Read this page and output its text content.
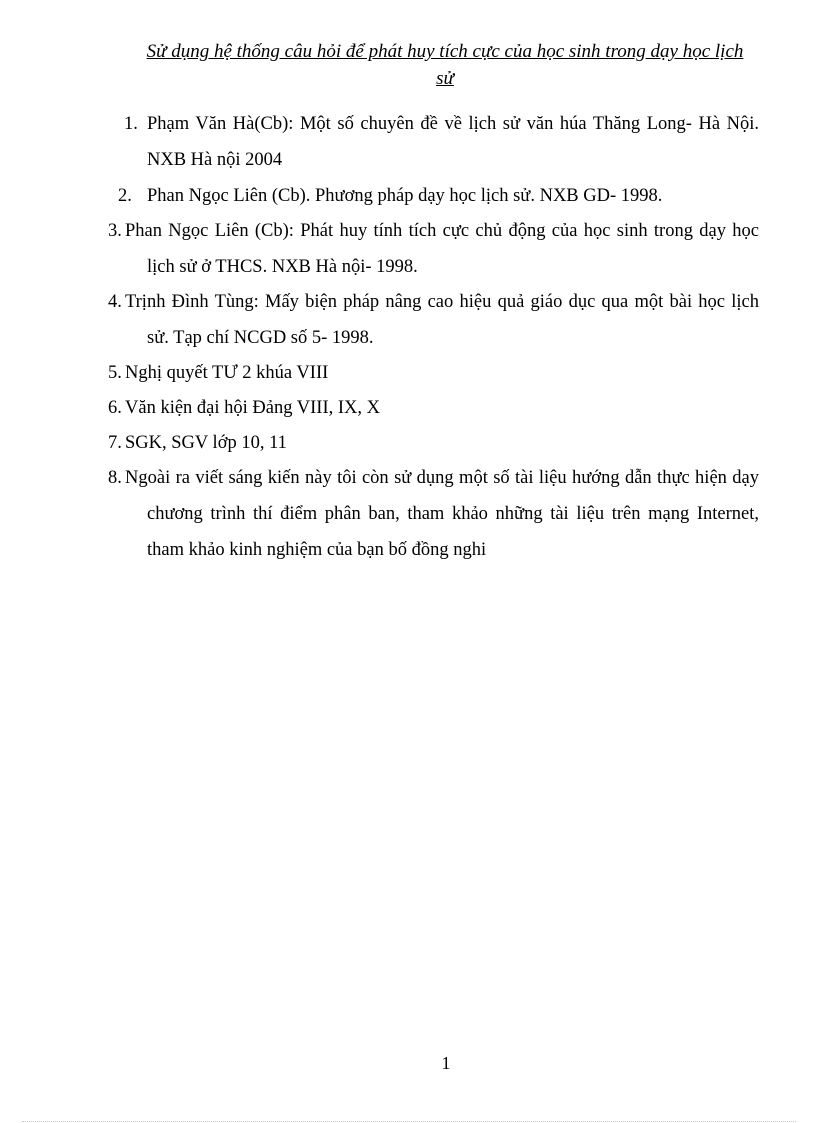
Sử dụng hệ thống câu hỏi để phát huy tích cực của học sinh trong dạy học lịch
sử
1. Phạm Văn Hà(Cb): Một số chuyên đề về lịch sử văn húa Thăng Long- Hà Nội.
NXB Hà nội 2004
2. Phan Ngọc Liên (Cb). Phương pháp dạy học lịch sử. NXB GD- 1998.
3. Phan Ngọc Liên (Cb): Phát huy tính tích cực chủ động của học sinh trong dạy học
lịch sử ở THCS. NXB Hà nội- 1998.
4. Trịnh Đình Tùng: Mấy biện pháp nâng cao hiệu quả giáo dục qua một bài học lịch
sử. Tạp chí NCGD số 5- 1998.
5. Nghị quyết TƯ 2 khúa VIII
6. Văn kiện đại hội Đảng VIII, IX, X
7. SGK, SGV lớp 10, 11
8. Ngoài ra viết sáng kiến này tôi còn sử dụng một số tài liệu hướng dẫn thực hiện dạy
chương trình thí điểm phân ban, tham khảo những tài liệu trên mạng Internet,
tham khảo kinh nghiệm của bạn bố đồng nghi
1
